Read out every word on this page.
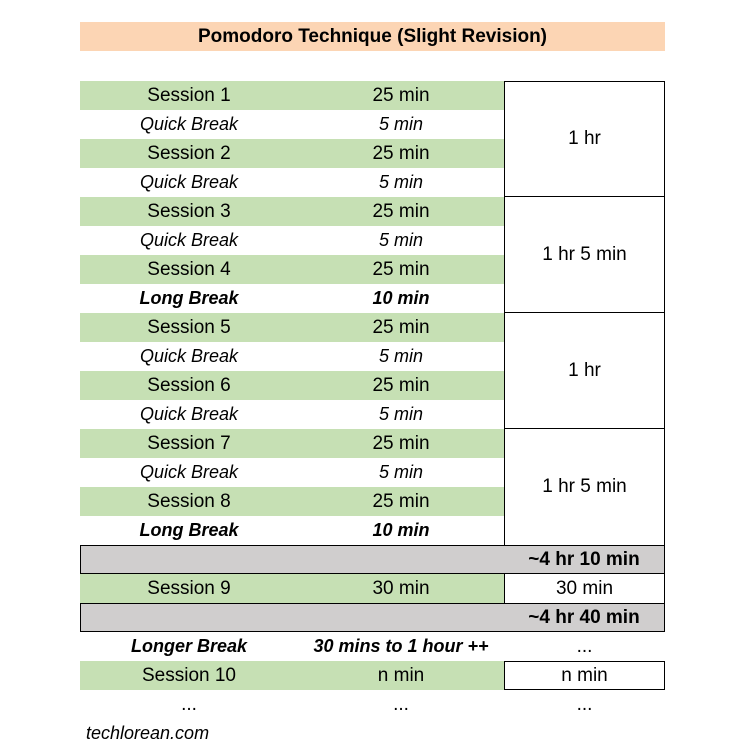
Pomodoro Technique (Slight Revision)
Session 1	25 min
Quick Break	5 min
Session 2	25 min
Quick Break	5 min
1 hr
Session 3	25 min
Quick Break	5 min
Session 4	25 min
Long Break	10 min
1 hr 5 min
Session 5	25 min
Quick Break	5 min
Session 6	25 min
Quick Break	5 min
1 hr
Session 7	25 min
Quick Break	5 min
Session 8	25 min
Long Break	10 min
1 hr 5 min
~4 hr 10 min
Session 9	30 min	30 min
~4 hr 40 min
Longer Break	30 mins to 1 hour ++	...
Session 10	n min	n min
...	...	...
techlorean.com
